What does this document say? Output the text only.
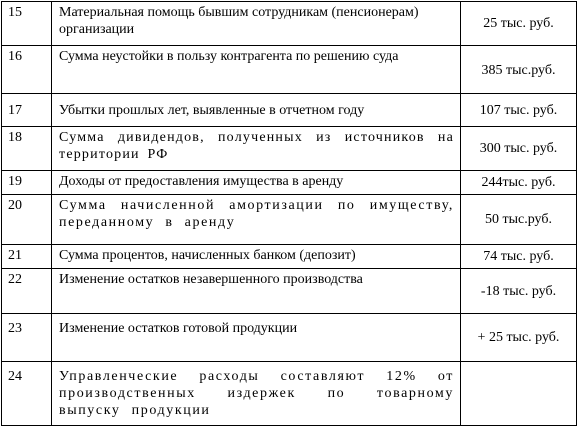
15	Материальная помощь бывшим сотрудникам (пенсионерам) организации	25 тыс. руб.
16	Сумма неустойки в пользу контрагента по решению суда	385 тыс.руб.
17	Убытки прошлых лет, выявленные в отчетном году	107 тыс. руб.
18	Сумма дивидендов, полученных из источников на территории РФ	300 тыс. руб.
19	Доходы от предоставления имущества в аренду	244тыс. руб.
20	Сумма начисленной амортизации по имуществу, переданному в аренду	50 тыс.руб.
21	Сумма процентов, начисленных банком (депозит)	74 тыс. руб.
22	Изменение остатков незавершенного производства	-18 тыс. руб.
23	Изменение остатков готовой продукции	+ 25 тыс. руб.
24	Управленческие расходы составляют 12% от производственных издержек по товарному выпуску продукции	
